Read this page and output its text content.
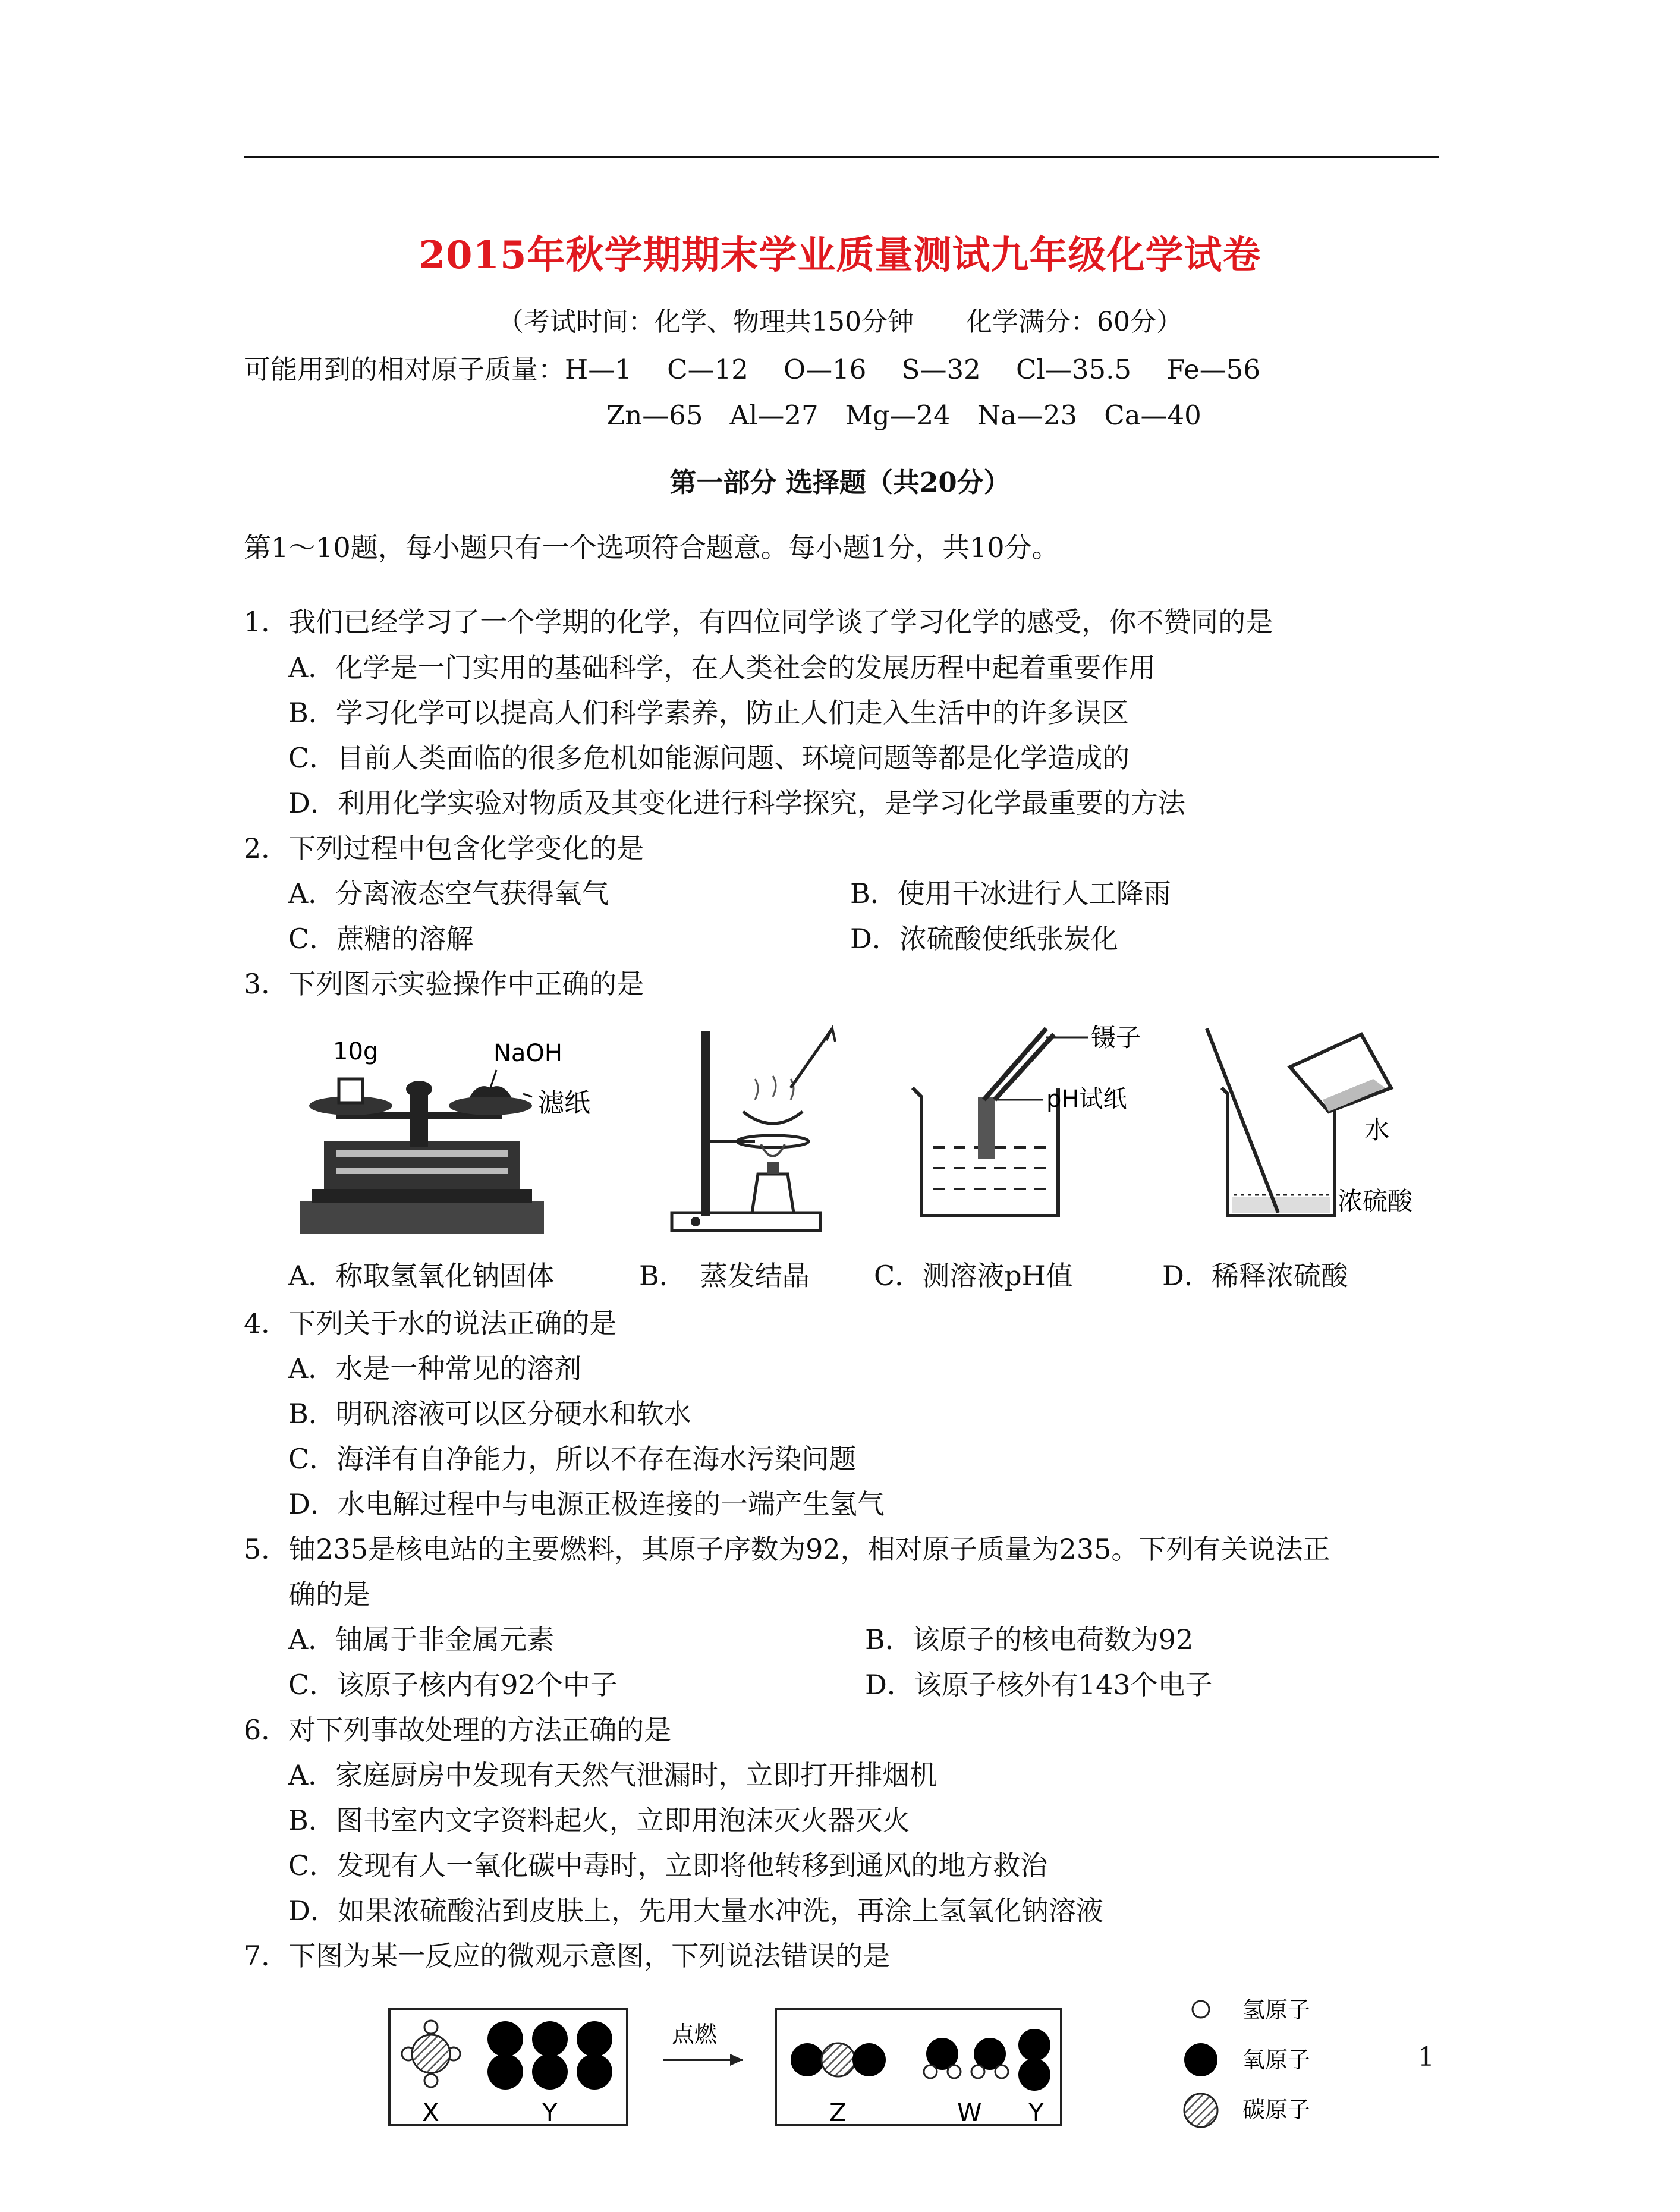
2015年秋学期期末学业质量测试九年级化学试卷
（考试时间：化学、物理共150分钟　　化学满分：60分）
可能用到的相对原子质量：H—1　 C—12　 O—16　 S—32　 Cl—35.5　 Fe—56
Zn—65　Al—27　Mg—24　Na—23　Ca—40
第一部分 选择题（共20分）
第1～10题，每小题只有一个选项符合题意。每小题1分，共10分。
1．我们已经学习了一个学期的化学，有四位同学谈了学习化学的感受，你不赞同的是
A．化学是一门实用的基础科学，在人类社会的发展历程中起着重要作用
B．学习化学可以提高人们科学素养，防止人们走入生活中的许多误区
C．目前人类面临的很多危机如能源问题、环境问题等都是化学造成的
D．利用化学实验对物质及其变化进行科学探究，是学习化学最重要的方法
2．下列过程中包含化学变化的是
A．分离液态空气获得氧气	B．使用干冰进行人工降雨
C．蔗糖的溶解	D．浓硫酸使纸张炭化
3．下列图示实验操作中正确的是
10g	NaOH
滤纸
镊子
pH试纸
水
浓硫酸
A．称取氢氧化钠固体	B．　蒸发结晶 C．测溶液pH值	D．稀释浓硫酸
4．下列关于水的说法正确的是
A．水是一种常见的溶剂
B．明矾溶液可以区分硬水和软水
C．海洋有自净能力，所以不存在海水污染问题
D．水电解过程中与电源正极连接的一端产生氢气
5．铀235是核电站的主要燃料，其原子序数为92，相对原子质量为235。下列有关说法正
确的是
A．铀属于非金属元素	B．该原子的核电荷数为92
C．该原子核内有92个中子	D．该原子核外有143个电子
6．对下列事故处理的方法正确的是
A．家庭厨房中发现有天然气泄漏时，立即打开排烟机
B．图书室内文字资料起火，立即用泡沫灭火器灭火
C．发现有人一氧化碳中毒时，立即将他转移到通风的地方救治
D．如果浓硫酸沾到皮肤上，先用大量水冲洗，再涂上氢氧化钠溶液
7．下图为某一反应的微观示意图，下列说法错误的是
X	Y
点燃
Z	W Y
氢原子
氧原子
碳原子
1
